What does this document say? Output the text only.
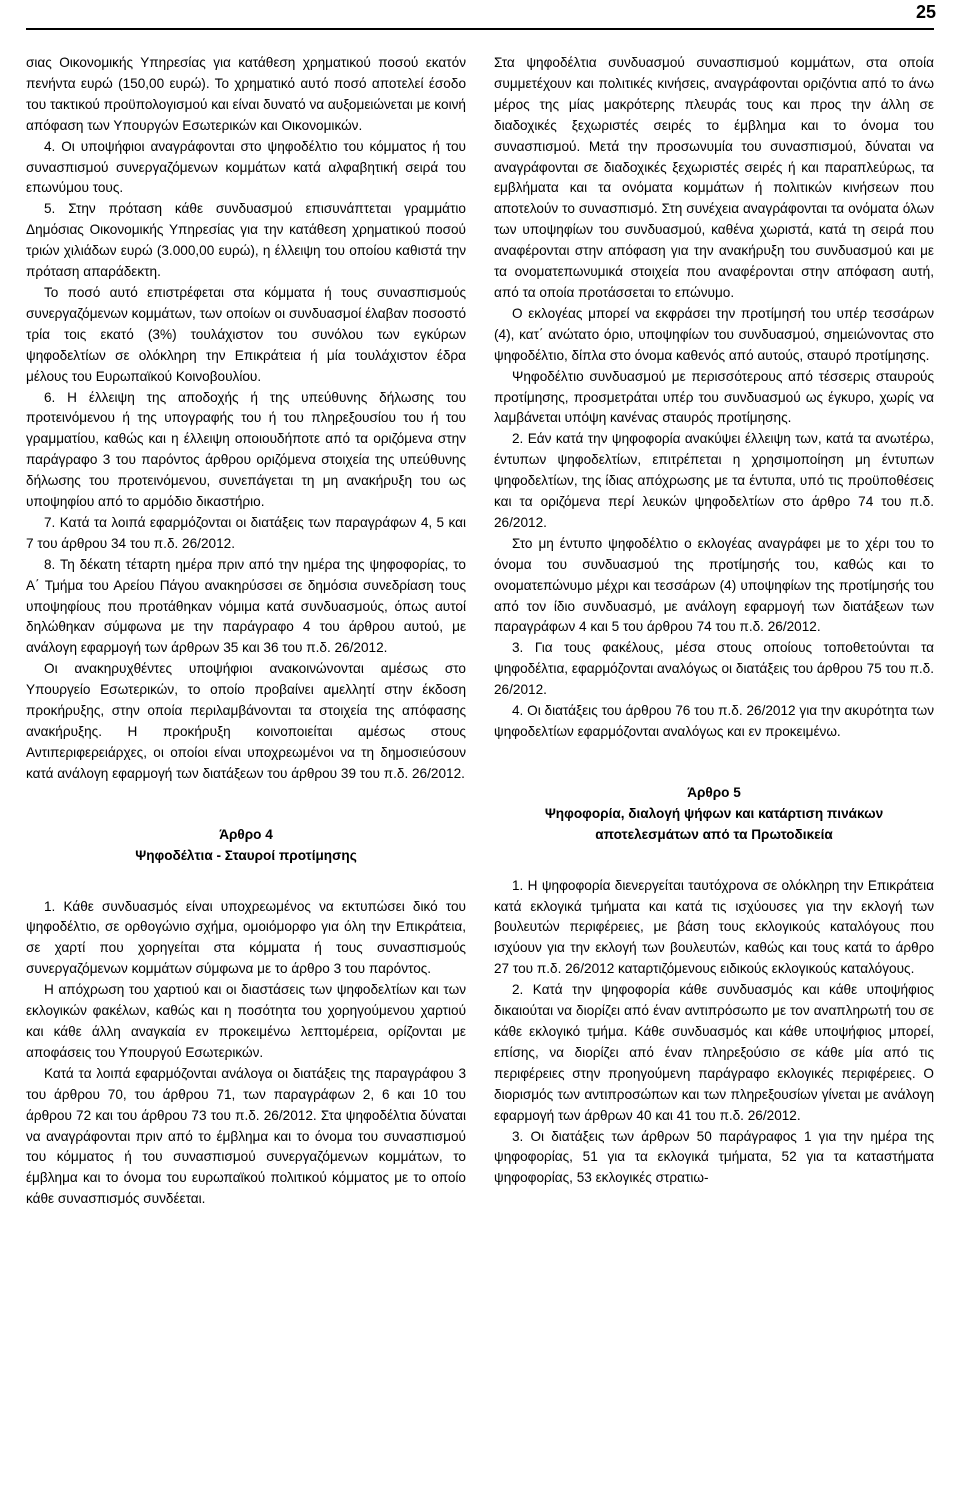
25

σιας Οικονομικής Υπηρεσίας για κατάθεση χρηματικού ποσού εκατόν πενήντα ευρώ (150,00 ευρώ). Το χρηματικό αυτό ποσό αποτελεί έσοδο του τακτικού προϋπολογισμού και είναι δυνατό να αυξομειώνεται με κοινή απόφαση των Υπουργών Εσωτερικών και Οικονομικών.

4. Οι υποψήφιοι αναγράφονται στο ψηφοδέλτιο του κόμματος ή του συνασπισμού συνεργαζόμενων κομμάτων κατά αλφαβητική σειρά του επωνύμου τους.

5. Στην πρόταση κάθε συνδυασμού επισυνάπτεται γραμμάτιο Δημόσιας Οικονομικής Υπηρεσίας για την κατάθεση χρηματικού ποσού τριών χιλιάδων ευρώ (3.000,00 ευρώ), η έλλειψη του οποίου καθιστά την πρόταση απαράδεκτη.

Το ποσό αυτό επιστρέφεται στα κόμματα ή τους συνασπισμούς συνεργαζόμενων κομμάτων, των οποίων οι συνδυασμοί έλαβαν ποσοστό τρία τοις εκατό (3%) τουλάχιστον του συνόλου των εγκύρων ψηφοδελτίων σε ολόκληρη την Επικράτεια ή μία τουλάχιστον έδρα μέλους του Ευρωπαϊκού Κοινοβουλίου.

6. Η έλλειψη της αποδοχής ή της υπεύθυνης δήλωσης του προτεινόμενου ή της υπογραφής του ή του πληρεξουσίου του ή του γραμματίου, καθώς και η έλλειψη οποιουδήποτε από τα οριζόμενα στην παράγραφο 3 του παρόντος άρθρου οριζόμενα στοιχεία της υπεύθυνης δήλωσης του προτεινόμενου, συνεπάγεται τη μη ανακήρυξη του ως υποψηφίου από το αρμόδιο δικαστήριο.

7. Κατά τα λοιπά εφαρμόζονται οι διατάξεις των παραγράφων 4, 5 και 7 του άρθρου 34 του π.δ. 26/2012.

8. Τη δέκατη τέταρτη ημέρα πριν από την ημέρα της ψηφοφορίας, το Α΄ Τμήμα του Αρείου Πάγου ανακηρύσσει σε δημόσια συνεδρίαση τους υποψηφίους που προτάθηκαν νόμιμα κατά συνδυασμούς, όπως αυτοί δηλώθηκαν σύμφωνα με την παράγραφο 4 του άρθρου αυτού, με ανάλογη εφαρμογή των άρθρων 35 και 36 του π.δ. 26/2012.

Οι ανακηρυχθέντες υποψήφιοι ανακοινώνονται αμέσως στο Υπουργείο Εσωτερικών, το οποίο προβαίνει αμελλητί στην έκδοση προκήρυξης, στην οποία περιλαμβάνονται τα στοιχεία της απόφασης ανακήρυξης. Η προκήρυξη κοινοποιείται αμέσως στους Αντιπεριφερειάρχες, οι οποίοι είναι υποχρεωμένοι να τη δημοσιεύσουν κατά ανάλογη εφαρμογή των διατάξεων του άρθρου 39 του π.δ. 26/2012.

Άρθρο 4

Ψηφοδέλτια - Σταυροί προτίμησης

1. Κάθε συνδυασμός είναι υποχρεωμένος να εκτυπώσει δικό του ψηφοδέλτιο, σε ορθογώνιο σχήμα, ομοιόμορφο για όλη την Επικράτεια, σε χαρτί που χορηγείται στα κόμματα ή τους συνασπισμούς συνεργαζόμενων κομμάτων σύμφωνα με το άρθρο 3 του παρόντος.

Η απόχρωση του χαρτιού και οι διαστάσεις των ψηφοδελτίων και των εκλογικών φακέλων, καθώς και η ποσότητα του χορηγούμενου χαρτιού και κάθε άλλη αναγκαία εν προκειμένω λεπτομέρεια, ορίζονται με αποφάσεις του Υπουργού Εσωτερικών.

Κατά τα λοιπά εφαρμόζονται ανάλογα οι διατάξεις της παραγράφου 3 του άρθρου 70, του άρθρου 71, των παραγράφων 2, 6 και 10 του άρθρου 72 και του άρθρου 73 του π.δ. 26/2012. Στα ψηφοδέλτια δύναται να αναγράφονται πριν από το έμβλημα και το όνομα του συνασπισμού του κόμματος ή του συνασπισμού συνεργαζόμενων κομμάτων, το έμβλημα και το όνομα του ευρωπαϊκού πολιτικού κόμματος με το οποίο κάθε συνασπισμός συνδέεται.

Στα ψηφοδέλτια συνδυασμού συνασπισμού κομμάτων, στα οποία συμμετέχουν και πολιτικές κινήσεις, αναγράφονται οριζόντια από το άνω μέρος της μίας μακρότερης πλευράς τους και προς την άλλη σε διαδοχικές ξεχωριστές σειρές το έμβλημα και το όνομα του συνασπισμού. Μετά την προσωνυμία του συνασπισμού, δύναται να αναγράφονται σε διαδοχικές ξεχωριστές σειρές ή και παραπλεύρως, τα εμβλήματα και τα ονόματα κομμάτων ή πολιτικών κινήσεων που αποτελούν το συνασπισμό. Στη συνέχεια αναγράφονται τα ονόματα όλων των υποψηφίων του συνδυασμού, καθένα χωριστά, κατά τη σειρά που αναφέρονται στην απόφαση για την ανακήρυξη του συνδυασμού και με τα ονοματεπωνυμικά στοιχεία που αναφέρονται στην απόφαση αυτή, από τα οποία προτάσσεται το επώνυμο.

Ο εκλογέας μπορεί να εκφράσει την προτίμησή του υπέρ τεσσάρων (4), κατ΄ ανώτατο όριο, υποψηφίων του συνδυασμού, σημειώνοντας στο ψηφοδέλτιο, δίπλα στο όνομα καθενός από αυτούς, σταυρό προτίμησης.

Ψηφοδέλτιο συνδυασμού με περισσότερους από τέσσερις σταυρούς προτίμησης, προσμετράται υπέρ του συνδυασμού ως έγκυρο, χωρίς να λαμβάνεται υπόψη κανένας σταυρός προτίμησης.

2. Εάν κατά την ψηφοφορία ανακύψει έλλειψη των, κατά τα ανωτέρω, έντυπων ψηφοδελτίων, επιτρέπεται η χρησιμοποίηση μη έντυπων ψηφοδελτίων, της ίδιας απόχρωσης με τα έντυπα, υπό τις προϋποθέσεις και τα οριζόμενα περί λευκών ψηφοδελτίων στο άρθρο 74 του π.δ. 26/2012.

Στο μη έντυπο ψηφοδέλτιο ο εκλογέας αναγράφει με το χέρι του το όνομα του συνδυασμού της προτίμησής του, καθώς και το ονοματεπώνυμο μέχρι και τεσσάρων (4) υποψηφίων της προτίμησής του από τον ίδιο συνδυασμό, με ανάλογη εφαρμογή των διατάξεων των παραγράφων 4 και 5 του άρθρου 74 του π.δ. 26/2012.

3. Για τους φακέλους, μέσα στους οποίους τοποθετούνται τα ψηφοδέλτια, εφαρμόζονται αναλόγως οι διατάξεις του άρθρου 75 του π.δ. 26/2012.

4. Οι διατάξεις του άρθρου 76 του π.δ. 26/2012 για την ακυρότητα των ψηφοδελτίων εφαρμόζονται αναλόγως και εν προκειμένω.

Άρθρο 5

Ψηφοφορία, διαλογή ψήφων και κατάρτιση πινάκων αποτελεσμάτων από τα Πρωτοδικεία

1. Η ψηφοφορία διενεργείται ταυτόχρονα σε ολόκληρη την Επικράτεια κατά εκλογικά τμήματα και κατά τις ισχύουσες για την εκλογή των βουλευτών περιφέρειες, με βάση τους εκλογικούς καταλόγους που ισχύουν για την εκλογή των βουλευτών, καθώς και τους κατά το άρθρο 27 του π.δ. 26/2012 καταρτιζόμενους ειδικούς εκλογικούς καταλόγους.

2. Κατά την ψηφοφορία κάθε συνδυασμός και κάθε υποψήφιος δικαιούται να διορίζει από έναν αντιπρόσωπο με τον αναπληρωτή του σε κάθε εκλογικό τμήμα. Κάθε συνδυασμός και κάθε υποψήφιος μπορεί, επίσης, να διορίζει από έναν πληρεξούσιο σε κάθε μία από τις περιφέρειες στην προηγούμενη παράγραφο εκλογικές περιφέρειες. Ο διορισμός των αντιπροσώπων και των πληρεξουσίων γίνεται με ανάλογη εφαρμογή των άρθρων 40 και 41 του π.δ. 26/2012.

3. Οι διατάξεις των άρθρων 50 παράγραφος 1 για την ημέρα της ψηφοφορίας, 51 για τα εκλογικά τμήματα, 52 για τα καταστήματα ψηφοφορίας, 53 εκλογικές στρατιω-
